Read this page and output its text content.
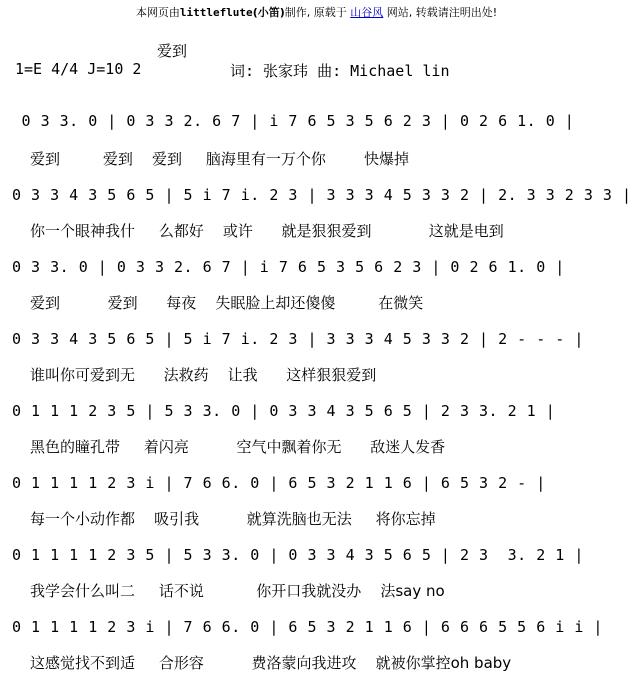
本网页由littleflute(小笛)制作, 原载于 山谷风 网站, 转载请注明出处!
爱到
1=E 4/4 J=10 2	词: 张家玮 曲: Michael lin
0 3 3. 0 | 0 3 3 2. 6 7 | i 7 6 5 3 5 6 2 3 | 0 2 6 1. 0 |
爱到         爱到    爱到     脑海里有一万个你        快爆掉
0 3 3 4 3 5 6 5 | 5 i 7 i. 2 3 | 3 3 3 4 5 3 3 2 | 2. 3 3 2 3 3 |
你一个眼神我什     么都好    或许      就是狠狠爱到            这就是电到
0 3 3. 0 | 0 3 3 2. 6 7 | i 7 6 5 3 5 6 2 3 | 0 2 6 1. 0 |
爱到          爱到      每夜    失眠脸上却还傻傻         在微笑
0 3 3 4 3 5 6 5 | 5 i 7 i. 2 3 | 3 3 3 4 5 3 3 2 | 2 - - - |
谁叫你可爱到无      法救药    让我      这样狠狠爱到
0 1 1 1 2 3 5 | 5 3 3. 0 | 0 3 3 4 3 5 6 5 | 2 3 3. 2 1 |
黑色的瞳孔带     着闪亮          空气中飘着你无      敌迷人发香
0 1 1 1 1 2 3 i | 7 6 6. 0 | 6 5 3 2 1 1 6 | 6 5 3 2 - |
每一个小动作都    吸引我          就算洗脑也无法     将你忘掉
0 1 1 1 1 2 3 5 | 5 3 3. 0 | 0 3 3 4 3 5 6 5 | 2 3  3. 2 1 |
我学会什么叫二     话不说           你开口我就没办    法say no
0 1 1 1 1 2 3 i | 7 6 6. 0 | 6 5 3 2 1 1 6 | 6 6 6 5 5 6 i i |
这感觉找不到适     合形容          费洛蒙向我进攻    就被你掌控oh baby
